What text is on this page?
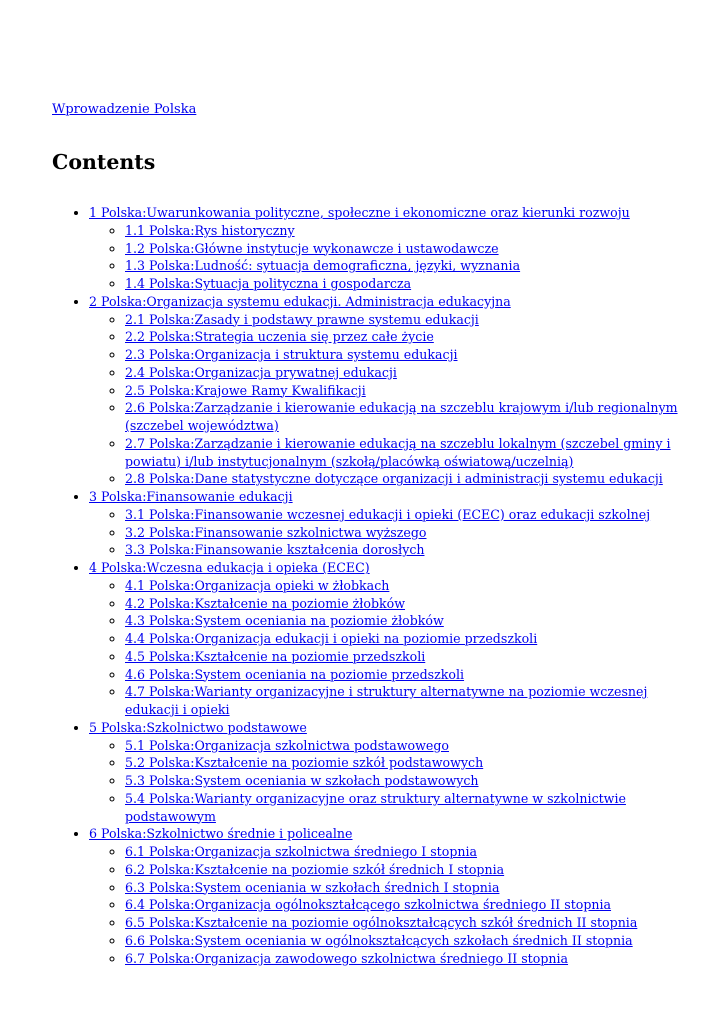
Wprowadzenie Polska
Contents
• 1 Polska:Uwarunkowania polityczne, społeczne i ekonomiczne oraz kierunki rozwoju
◦ 1.1 Polska:Rys historyczny
◦ 1.2 Polska:Główne instytucje wykonawcze i ustawodawcze
◦ 1.3 Polska:Ludność: sytuacja demograficzna, języki, wyznania
◦ 1.4 Polska:Sytuacja polityczna i gospodarcza
• 2 Polska:Organizacja systemu edukacji. Administracja edukacyjna
◦ 2.1 Polska:Zasady i podstawy prawne systemu edukacji
◦ 2.2 Polska:Strategia uczenia się przez całe życie
◦ 2.3 Polska:Organizacja i struktura systemu edukacji
◦ 2.4 Polska:Organizacja prywatnej edukacji
◦ 2.5 Polska:Krajowe Ramy Kwalifikacji
◦ 2.6 Polska:Zarządzanie i kierowanie edukacją na szczeblu krajowym i/lub regionalnym (szczebel województwa)
◦ 2.7 Polska:Zarządzanie i kierowanie edukacją na szczeblu lokalnym (szczebel gminy i powiatu) i/lub instytucjonalnym (szkołą/placówką oświatową/uczelnią)
◦ 2.8 Polska:Dane statystyczne dotyczące organizacji i administracji systemu edukacji
• 3 Polska:Finansowanie edukacji
◦ 3.1 Polska:Finansowanie wczesnej edukacji i opieki (ECEC) oraz edukacji szkolnej
◦ 3.2 Polska:Finansowanie szkolnictwa wyższego
◦ 3.3 Polska:Finansowanie kształcenia dorosłych
• 4 Polska:Wczesna edukacja i opieka (ECEC)
◦ 4.1 Polska:Organizacja opieki w żłobkach
◦ 4.2 Polska:Kształcenie na poziomie żłobków
◦ 4.3 Polska:System oceniania na poziomie żłobków
◦ 4.4 Polska:Organizacja edukacji i opieki na poziomie przedszkoli
◦ 4.5 Polska:Kształcenie na poziomie przedszkoli
◦ 4.6 Polska:System oceniania na poziomie przedszkoli
◦ 4.7 Polska:Warianty organizacyjne i struktury alternatywne na poziomie wczesnej edukacji i opieki
• 5 Polska:Szkolnictwo podstawowe
◦ 5.1 Polska:Organizacja szkolnictwa podstawowego
◦ 5.2 Polska:Kształcenie na poziomie szkół podstawowych
◦ 5.3 Polska:System oceniania w szkołach podstawowych
◦ 5.4 Polska:Warianty organizacyjne oraz struktury alternatywne w szkolnictwie podstawowym
• 6 Polska:Szkolnictwo średnie i policealne
◦ 6.1 Polska:Organizacja szkolnictwa średniego I stopnia
◦ 6.2 Polska:Kształcenie na poziomie szkół średnich I stopnia
◦ 6.3 Polska:System oceniania w szkołach średnich I stopnia
◦ 6.4 Polska:Organizacja ogólnokształcącego szkolnictwa średniego II stopnia
◦ 6.5 Polska:Kształcenie na poziomie ogólnokształcących szkół średnich II stopnia
◦ 6.6 Polska:System oceniania w ogólnokształcących szkołach średnich II stopnia
◦ 6.7 Polska:Organizacja zawodowego szkolnictwa średniego II stopnia
